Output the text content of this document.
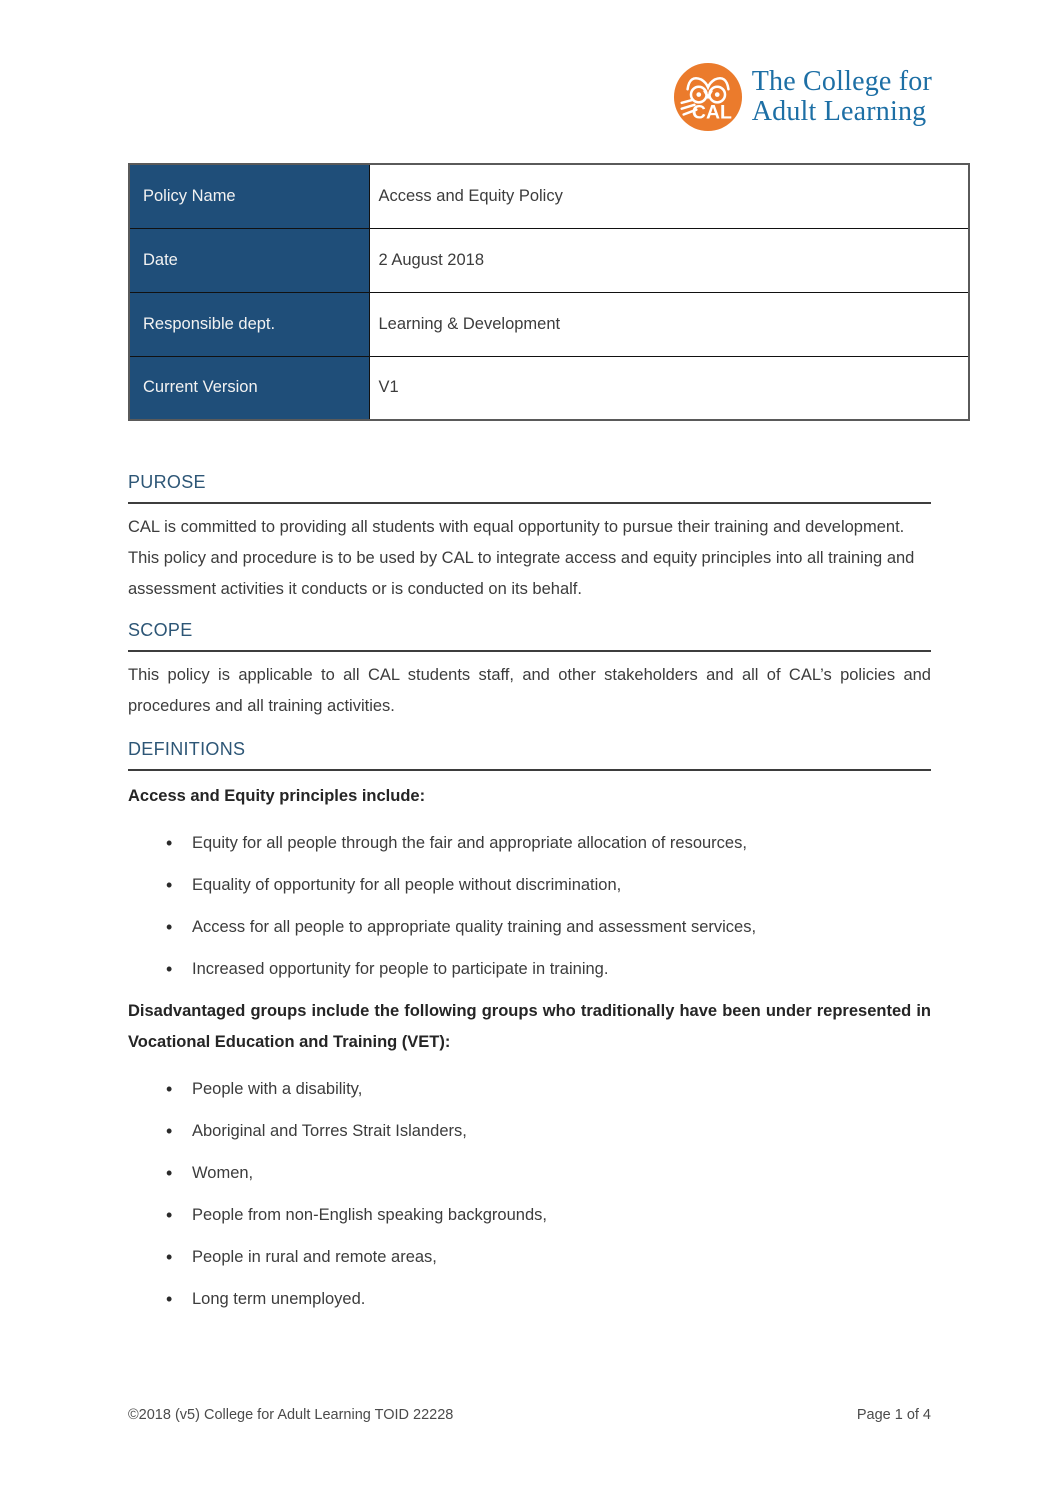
CAL
The College for
Adult Learning
Policy Name	Access and Equity Policy
Date	2 August 2018
Responsible dept.	Learning & Development
Current Version	V1
PUROSE

CAL is committed to providing all students with equal opportunity to pursue their training and development. This policy and procedure is to be used by CAL to integrate access and equity principles into all training and assessment activities it conducts or is conducted on its behalf.

SCOPE

This policy is applicable to all CAL students staff, and other stakeholders and all of CAL’s policies and procedures and all training activities.

DEFINITIONS

Access and Equity principles include:

• Equity for all people through the fair and appropriate allocation of resources,
• Equality of opportunity for all people without discrimination,
• Access for all people to appropriate quality training and assessment services,
• Increased opportunity for people to participate in training.

Disadvantaged groups include the following groups who traditionally have been under represented in Vocational Education and Training (VET):

• People with a disability,
• Aboriginal and Torres Strait Islanders,
• Women,
• People from non-English speaking backgrounds,
• People in rural and remote areas,
• Long term unemployed.
©2018 (v5) College for Adult Learning TOID 22228	Page 1 of 4
